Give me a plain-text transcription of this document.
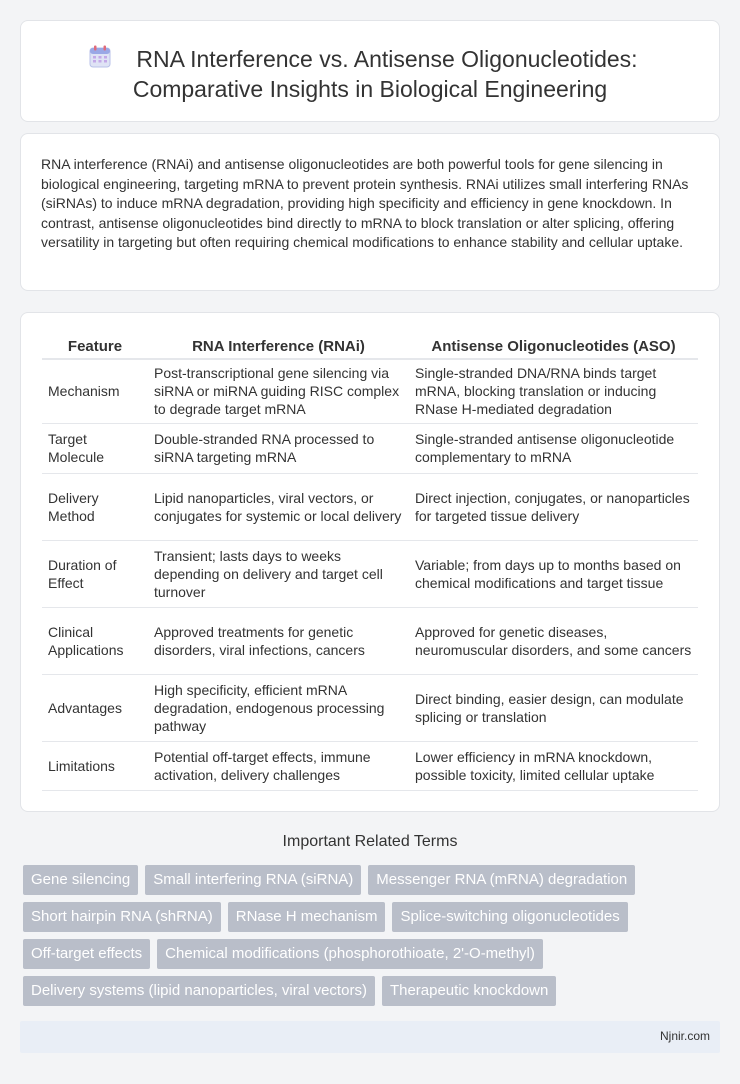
RNA Interference vs. Antisense Oligonucleotides:
Comparative Insights in Biological Engineering

RNA interference (RNAi) and antisense oligonucleotides are both powerful tools for gene silencing in biological engineering, targeting mRNA to prevent protein synthesis. RNAi utilizes small interfering RNAs (siRNAs) to induce mRNA degradation, providing high specificity and efficiency in gene knockdown. In contrast, antisense oligonucleotides bind directly to mRNA to block translation or alter splicing, offering versatility in targeting but often requiring chemical modifications to enhance stability and cellular uptake.

Feature	RNA Interference (RNAi)	Antisense Oligonucleotides (ASO)
Mechanism	Post-transcriptional gene silencing via siRNA or miRNA guiding RISC complex to degrade target mRNA	Single-stranded DNA/RNA binds target mRNA, blocking translation or inducing RNase H-mediated degradation
Target Molecule	Double-stranded RNA processed to siRNA targeting mRNA	Single-stranded antisense oligonucleotide complementary to mRNA
Delivery Method	Lipid nanoparticles, viral vectors, or conjugates for systemic or local delivery	Direct injection, conjugates, or nanoparticles for targeted tissue delivery
Duration of Effect	Transient; lasts days to weeks depending on delivery and target cell turnover	Variable; from days up to months based on chemical modifications and target tissue
Clinical Applications	Approved treatments for genetic disorders, viral infections, cancers	Approved for genetic diseases, neuromuscular disorders, and some cancers
Advantages	High specificity, efficient mRNA degradation, endogenous processing pathway	Direct binding, easier design, can modulate splicing or translation
Limitations	Potential off-target effects, immune activation, delivery challenges	Lower efficiency in mRNA knockdown, possible toxicity, limited cellular uptake
Important Related Terms
Gene silencing	Small interfering RNA (siRNA)	Messenger RNA (mRNA) degradation
Short hairpin RNA (shRNA)	RNase H mechanism	Splice-switching oligonucleotides
Off-target effects	Chemical modifications (phosphorothioate, 2'-O-methyl)
Delivery systems (lipid nanoparticles, viral vectors)	Therapeutic knockdown
Njnir.com
